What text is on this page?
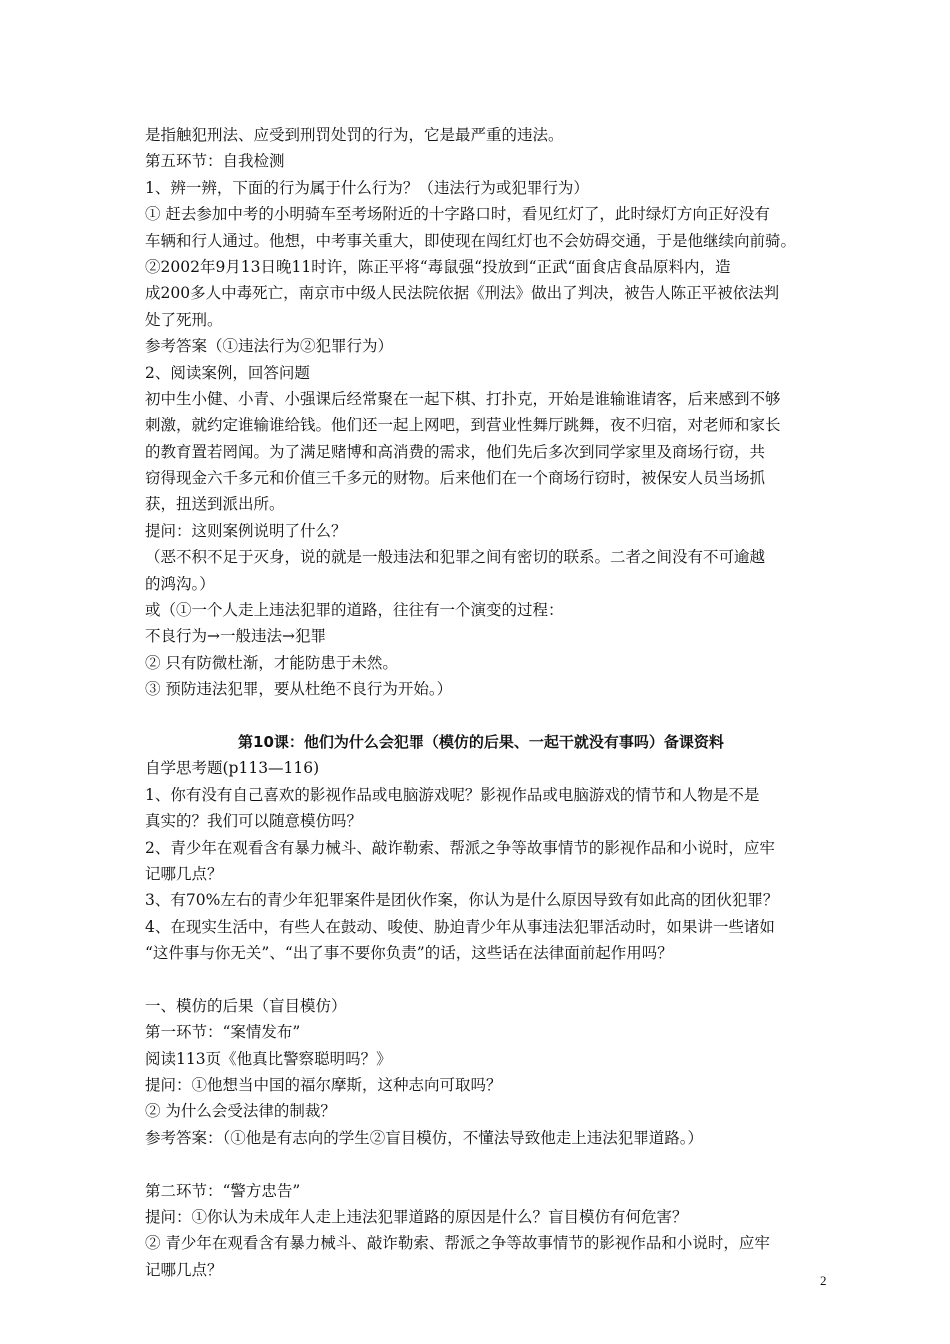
是指触犯刑法、应受到刑罚处罚的行为，它是最严重的违法。
第五环节：自我检测
1、辨一辨，下面的行为属于什么行为？（违法行为或犯罪行为）
① 赶去参加中考的小明骑车至考场附近的十字路口时，看见红灯了，此时绿灯方向正好没有
车辆和行人通过。他想，中考事关重大，即使现在闯红灯也不会妨碍交通，于是他继续向前骑。
②2002年9月13日晚11时许，陈正平将“毒鼠强“投放到“正武“面食店食品原料内，造
成200多人中毒死亡，南京市中级人民法院依据《刑法》做出了判决，被告人陈正平被依法判
处了死刑。
参考答案（①违法行为②犯罪行为）
2、阅读案例，回答问题
初中生小健、小青、小强课后经常聚在一起下棋、打扑克，开始是谁输谁请客，后来感到不够
刺激，就约定谁输谁给钱。他们还一起上网吧，到营业性舞厅跳舞，夜不归宿，对老师和家长
的教育置若罔闻。为了满足赌博和高消费的需求，他们先后多次到同学家里及商场行窃，共
窃得现金六千多元和价值三千多元的财物。后来他们在一个商场行窃时，被保安人员当场抓
获，扭送到派出所。
提问：这则案例说明了什么？
（恶不积不足于灭身，说的就是一般违法和犯罪之间有密切的联系。二者之间没有不可逾越
的鸿沟。）
或（①一个人走上违法犯罪的道路，往往有一个演变的过程：
不良行为→一般违法→犯罪
② 只有防微杜渐，才能防患于未然。
③ 预防违法犯罪，要从杜绝不良行为开始。）
第10课：他们为什么会犯罪（模仿的后果、一起干就没有事吗）备课资料
自学思考题(p113—116)
1、你有没有自己喜欢的影视作品或电脑游戏呢？影视作品或电脑游戏的情节和人物是不是
真实的？我们可以随意模仿吗？
2、青少年在观看含有暴力械斗、敲诈勒索、帮派之争等故事情节的影视作品和小说时，应牢
记哪几点？
3、有70%左右的青少年犯罪案件是团伙作案，你认为是什么原因导致有如此高的团伙犯罪？
4、在现实生活中，有些人在鼓动、唆使、胁迫青少年从事违法犯罪活动时，如果讲一些诸如
“这件事与你无关”、“出了事不要你负责”的话，这些话在法律面前起作用吗？
一、模仿的后果（盲目模仿）
第一环节：“案情发布”
阅读113页《他真比警察聪明吗？》
提问：①他想当中国的福尔摩斯，这种志向可取吗？
② 为什么会受法律的制裁？
参考答案：（①他是有志向的学生②盲目模仿，不懂法导致他走上违法犯罪道路。）
第二环节：“警方忠告”
提问：①你认为未成年人走上违法犯罪道路的原因是什么？盲目模仿有何危害？
② 青少年在观看含有暴力械斗、敲诈勒索、帮派之争等故事情节的影视作品和小说时，应牢
记哪几点？
2
